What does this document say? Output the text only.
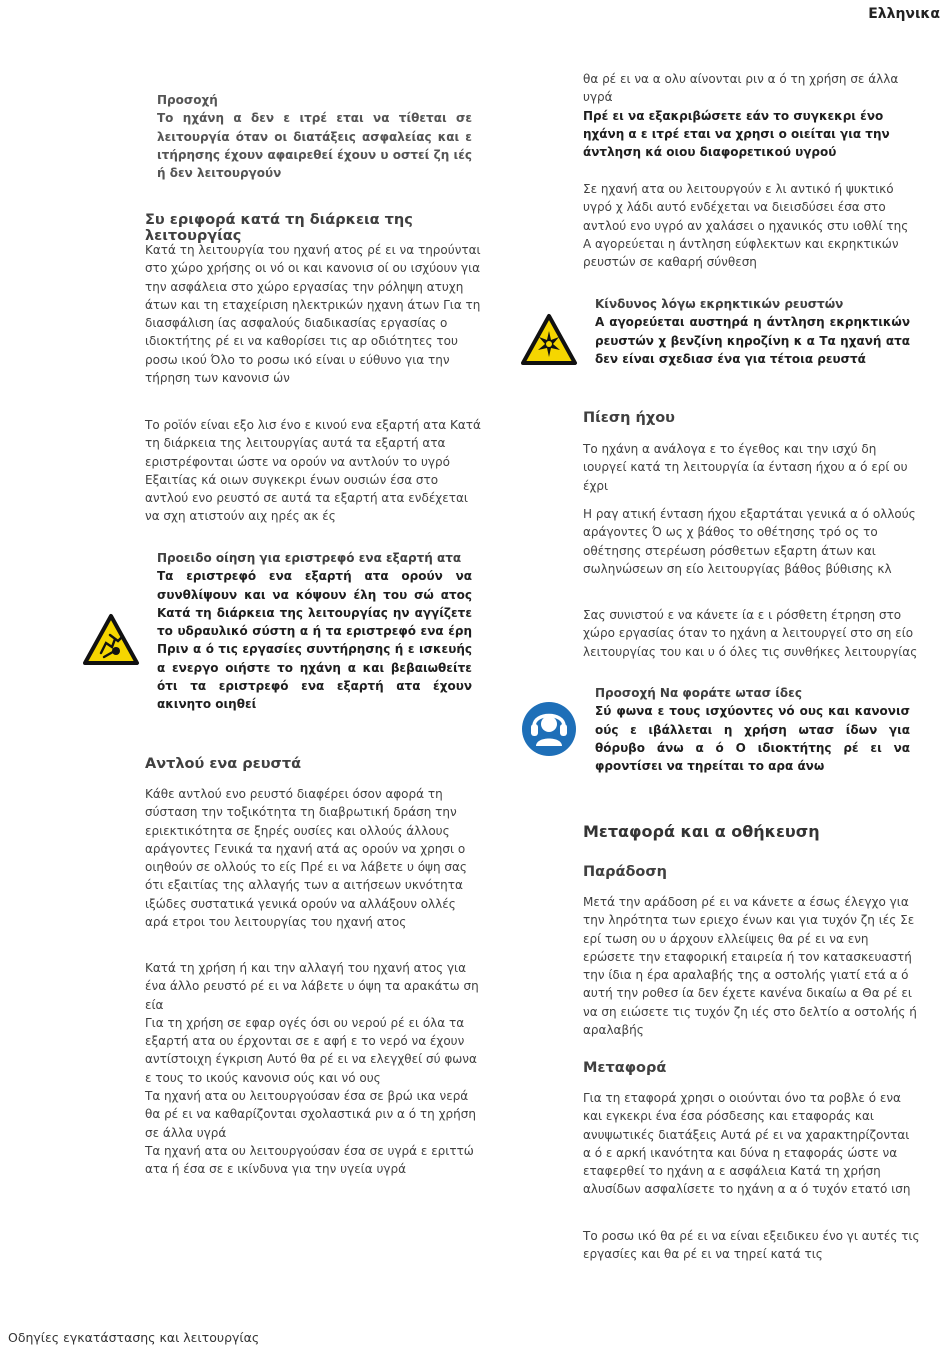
Ελληνικα
Προσοχή
Το ηχάνη α δεν ε ιτρέ εται να τίθεται σε λειτουργία όταν οι διατάξεις ασφαλείας και ε ιτήρησης έχουν αφαιρεθεί έχουν υ οστεί ζη ιές ή δεν λειτουργούν
Συ εριφορά κατά τη διάρκεια της λειτουργίας

Κατά τη λειτουργία του ηχανή ατος ρέ ει να τηρούνται στο χώρο χρήσης οι νό οι και κανονισ οί ου ισχύουν για την ασφάλεια στο χώρο εργασίας την ρόληψη ατυχη άτων και τη εταχείριση ηλεκτρικών ηχανη άτων Για τη διασφάλιση ίας ασφαλούς διαδικασίας εργασίας ο ιδιοκτήτης ρέ ει να καθορίσει τις αρ οδιότητες του ροσω ικού Όλο το ροσω ικό είναι υ εύθυνο για την τήρηση των κανονισ ών

Το ροϊόν είναι εξο λισ ένο ε κινού ενα εξαρτή ατα Κατά τη διάρκεια της λειτουργίας αυτά τα εξαρτή ατα εριστρέφονται ώστε να ορούν να αντλούν το υγρό Εξαιτίας κά οιων συγκεκρι ένων ουσιών έσα στο αντλού ενο ρευστό σε αυτά τα εξαρτή ατα ενδέχεται να σχη ατιστούν αιχ ηρές ακ ές

Προειδο οίηση για εριστρεφό ενα εξαρτή ατα
Τα εριστρεφό ενα εξαρτή ατα ορούν να συνθλίψουν και να κόψουν έλη του σώ ατος Κατά τη διάρκεια της λειτουργίας ην αγγίζετε το υδραυλικό σύστη α ή τα εριστρεφό ενα έρη Πριν α ό τις εργασίες συντήρησης ή ε ισκευής α ενεργο οιήστε το ηχάνη α και βεβαιωθείτε ότι τα εριστρεφό ενα εξαρτή ατα έχουν ακινητο οιηθεί
Αντλού ενα ρευστά

Κάθε αντλού ενο ρευστό διαφέρει όσον αφορά τη σύσταση την τοξικότητα τη διαβρωτική δράση την εριεκτικότητα σε ξηρές ουσίες και ολλούς άλλους αράγοντες Γενικά τα ηχανή ατά ας ορούν να χρησι ο οιηθούν σε ολλούς το είς Πρέ ει να λάβετε υ όψη σας ότι εξαιτίας της αλλαγής των α αιτήσεων υκνότητα ιξώδες συστατικά γενικά ορούν να αλλάξουν ολλές αρά ετροι του λειτουργίας του ηχανή ατος

Κατά τη χρήση ή και την αλλαγή του ηχανή ατος για ένα άλλο ρευστό ρέ ει να λάβετε υ όψη τα αρακάτω ση εία

Για τη χρήση σε εφαρ ογές όσι ου νερού ρέ ει όλα τα εξαρτή ατα ου έρχονται σε ε αφή ε το νερό να έχουν αντίστοιχη έγκριση Αυτό θα ρέ ει να ελεγχθεί σύ φωνα ε τους το ικούς κανονισ ούς και νό ους

Τα ηχανή ατα ου λειτουργούσαν έσα σε βρώ ικα νερά θα ρέ ει να καθαρίζονται σχολαστικά ριν α ό τη χρήση σε άλλα υγρά

Τα ηχανή ατα ου λειτουργούσαν έσα σε υγρά ε εριττώ ατα ή έσα σε ε ικίνδυνα για την υγεία υγρά

θα ρέ ει να α ολυ αίνονται ριν α ό τη χρήση σε άλλα υγρά

Πρέ ει να εξακριβώσετε εάν το συγκεκρι ένο ηχάνη α ε ιτρέ εται να χρησι ο οιείται για την άντληση κά οιου διαφορετικού υγρού

Σε ηχανή ατα ου λειτουργούν ε λι αντικό ή ψυκτικό υγρό χ λάδι αυτό ενδέχεται να διεισδύσει έσα στο αντλού ενο υγρό αν χαλάσει ο ηχανικός στυ ιοθλί της

Α αγορεύεται η άντληση εύφλεκτων και εκρηκτικών ρευστών σε καθαρή σύνθεση

Κίνδυνος λόγω εκρηκτικών ρευστών
Α αγορεύεται αυστηρά η άντληση εκρηκτικών ρευστών χ βενζίνη κηροζίνη κ α Τα ηχανή ατα δεν είναι σχεδιασ ένα για τέτοια ρευστά
Πίεση ήχου

Το ηχάνη α ανάλογα ε το έγεθος και την ισχύ δη ιουργεί κατά τη λειτουργία ία ένταση ήχου α ό ερί ου έχρι

Η ραγ ατική ένταση ήχου εξαρτάται γενικά α ό ολλούς αράγοντες Ό ως χ βάθος το οθέτησης τρό ος το οθέτησης στερέωση ρόσθετων εξαρτη άτων και σωληνώσεων ση είο λειτουργίας βάθος βύθισης κλ

Σας συνιστού ε να κάνετε ία ε ι ρόσθετη έτρηση στο χώρο εργασίας όταν το ηχάνη α λειτουργεί στο ση είο λειτουργίας του και υ ό όλες τις συνθήκες λειτουργίας

Προσοχή Να φοράτε ωτασ ίδες
Σύ φωνα ε τους ισχύοντες νό ους και κανονισ ούς ε ιβάλλεται η χρήση ωτασ ίδων για θόρυβο άνω α ό Ο ιδιοκτήτης ρέ ει να φροντίσει να τηρείται το αρα άνω
Μεταφορά και α οθήκευση
Παράδοση

Μετά την αράδοση ρέ ει να κάνετε α έσως έλεγχο για την ληρότητα των εριεχο ένων και για τυχόν ζη ιές Σε ερί τωση ου υ άρχουν ελλείψεις θα ρέ ει να ενη ερώσετε την εταφορική εταιρεία ή τον κατασκευαστή την ίδια η έρα αραλαβής της α οστολής γιατί ετά α ό αυτή την ροθεσ ία δεν έχετε κανένα δικαίω α Θα ρέ ει να ση ειώσετε τις τυχόν ζη ιές στο δελτίο α οστολής ή αραλαβής

Μεταφορά

Για τη εταφορά χρησι ο οιούνται όνο τα ροβλε ό ενα και εγκεκρι ένα έσα ρόσδεσης και εταφοράς και ανυψωτικές διατάξεις Αυτά ρέ ει να χαρακτηρίζονται α ό ε αρκή ικανότητα και δύνα η εταφοράς ώστε να εταφερθεί το ηχάνη α ε ασφάλεια Κατά τη χρήση αλυσίδων ασφαλίσετε το ηχάνη α α ό τυχόν ετατό ιση

Το ροσω ικό θα ρέ ει να είναι εξειδικευ ένο γι αυτές τις εργασίες και θα ρέ ει να τηρεί κατά τις

Οδηγίες εγκατάστασης και λειτουργίας
